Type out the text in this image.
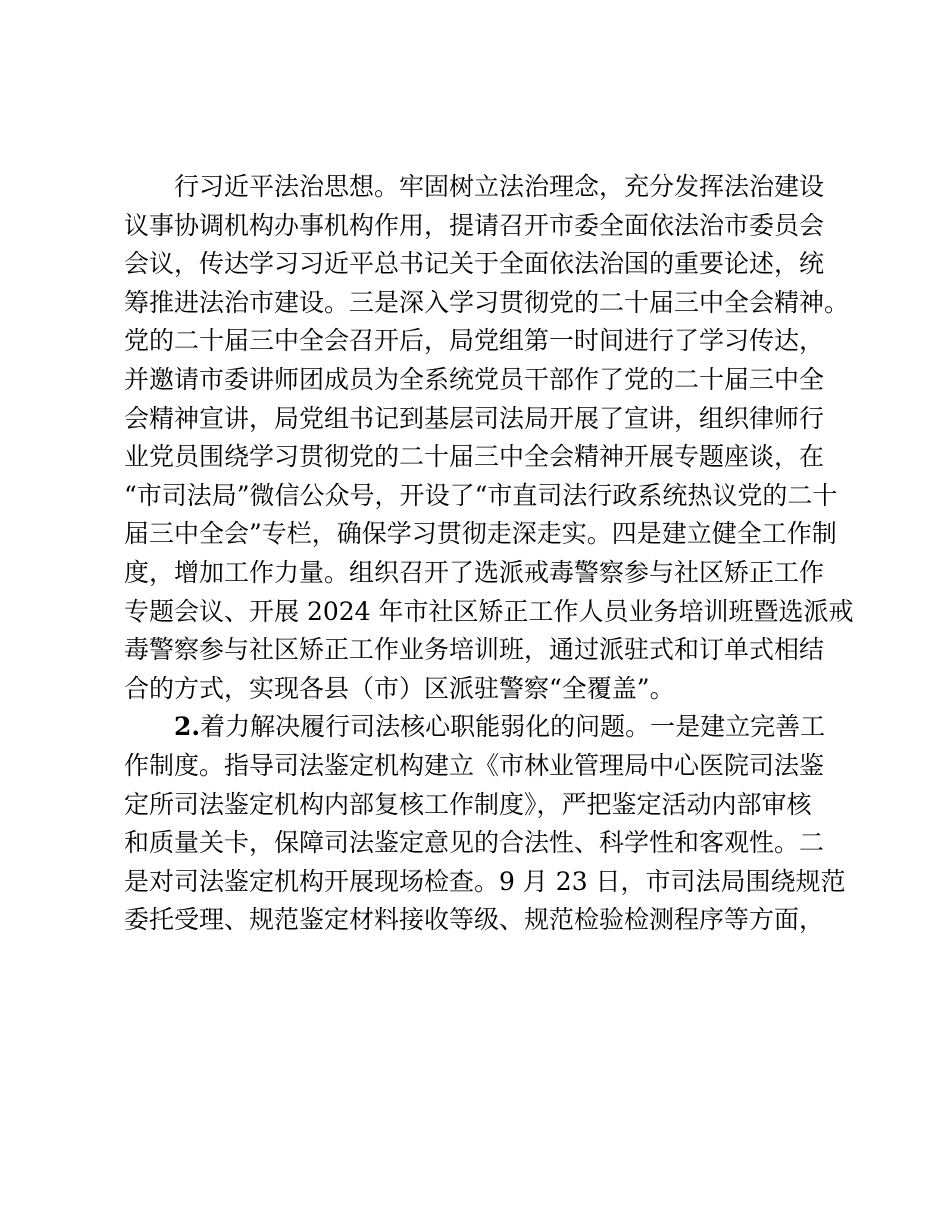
行习近平法治思想。牢固树立法治理念，充分发挥法治建设
议事协调机构办事机构作用，提请召开市委全面依法治市委员会
会议，传达学习习近平总书记关于全面依法治国的重要论述，统
筹推进法治市建设。三是深入学习贯彻党的二十届三中全会精神。
党的二十届三中全会召开后，局党组第一时间进行了学习传达，
并邀请市委讲师团成员为全系统党员干部作了党的二十届三中全
会精神宣讲，局党组书记到基层司法局开展了宣讲，组织律师行
业党员围绕学习贯彻党的二十届三中全会精神开展专题座谈，在
“市司法局”微信公众号，开设了“市直司法行政系统热议党的二十
届三中全会”专栏，确保学习贯彻走深走实。四是建立健全工作制
度，增加工作力量。组织召开了选派戒毒警察参与社区矫正工作
专题会议、开展 2024 年市社区矫正工作人员业务培训班暨选派戒
毒警察参与社区矫正工作业务培训班，通过派驻式和订单式相结
合的方式，实现各县（市）区派驻警察“全覆盖”。
2.着力解决履行司法核心职能弱化的问题。一是建立完善工
作制度。指导司法鉴定机构建立《市林业管理局中心医院司法鉴
定所司法鉴定机构内部复核工作制度》，严把鉴定活动内部审核
和质量关卡，保障司法鉴定意见的合法性、科学性和客观性。二
是对司法鉴定机构开展现场检查。9 月 23 日，市司法局围绕规范
委托受理、规范鉴定材料接收等级、规范检验检测程序等方面，
